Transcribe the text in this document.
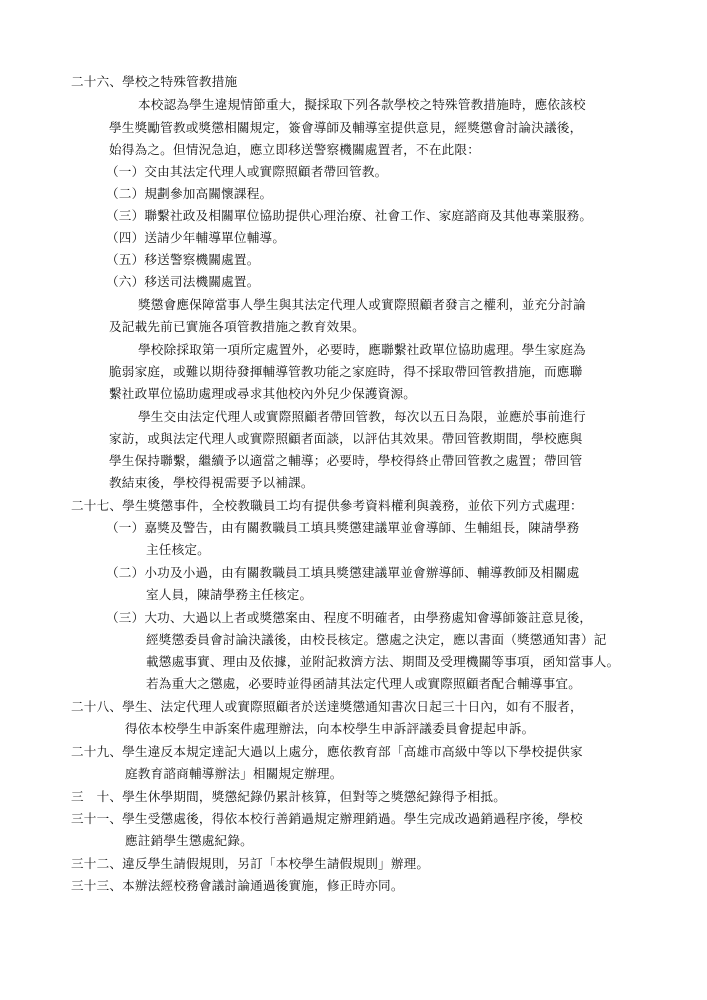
二十六、學校之特殊管教措施
本校認為學生違規情節重大，擬採取下列各款學校之特殊管教措施時，應依該校
學生獎勵管教或獎懲相關規定，簽會導師及輔導室提供意見，經獎懲會討論決議後，
始得為之。但情況急迫，應立即移送警察機關處置者，不在此限：
（一）交由其法定代理人或實際照顧者帶回管教。
（二）規劃參加高關懷課程。
（三）聯繫社政及相關單位協助提供心理治療、社會工作、家庭諮商及其他專業服務。
（四）送請少年輔導單位輔導。
（五）移送警察機關處置。
（六）移送司法機關處置。
獎懲會應保障當事人學生與其法定代理人或實際照顧者發言之權利，並充分討論
及記載先前已實施各項管教措施之教育效果。
學校除採取第一項所定處置外，必要時，應聯繫社政單位協助處理。學生家庭為
脆弱家庭，或難以期待發揮輔導管教功能之家庭時，得不採取帶回管教措施，而應聯
繫社政單位協助處理或尋求其他校內外兒少保護資源。
學生交由法定代理人或實際照顧者帶回管教，每次以五日為限，並應於事前進行
家訪，或與法定代理人或實際照顧者面談，以評估其效果。帶回管教期間，學校應與
學生保持聯繫，繼續予以適當之輔導；必要時，學校得終止帶回管教之處置；帶回管
教結束後，學校得視需要予以補課。
二十七、學生獎懲事件，全校教職員工均有提供參考資料權利與義務，並依下列方式處理：
（一）嘉獎及警告，由有關教職員工填具獎懲建議單並會導師、生輔組長，陳請學務
主任核定。
（二）小功及小過，由有關教職員工填具獎懲建議單並會辦導師、輔導教師及相關處
室人員，陳請學務主任核定。
（三）大功、大過以上者或獎懲案由、程度不明確者，由學務處知會導師簽註意見後，
經獎懲委員會討論決議後，由校長核定。懲處之決定，應以書面（獎懲通知書）記
載懲處事實、理由及依據，並附記救濟方法、期間及受理機關等事項，函知當事人。
若為重大之懲處，必要時並得函請其法定代理人或實際照顧者配合輔導事宜。
二十八、學生、法定代理人或實際照顧者於送達獎懲通知書次日起三十日內，如有不服者，
得依本校學生申訴案件處理辦法，向本校學生申訴評議委員會提起申訴。
二十九、學生違反本規定達記大過以上處分，應依教育部「高雄市高級中等以下學校提供家
庭教育諮商輔導辦法」相關規定辦理。
三　十、學生休學期間，獎懲紀錄仍累計核算，但對等之獎懲紀錄得予相抵。
三十一、學生受懲處後，得依本校行善銷過規定辦理銷過。學生完成改過銷過程序後，學校
應註銷學生懲處紀錄。
三十二、違反學生請假規則，另訂「本校學生請假規則」辦理。
三十三、本辦法經校務會議討論通過後實施，修正時亦同。
